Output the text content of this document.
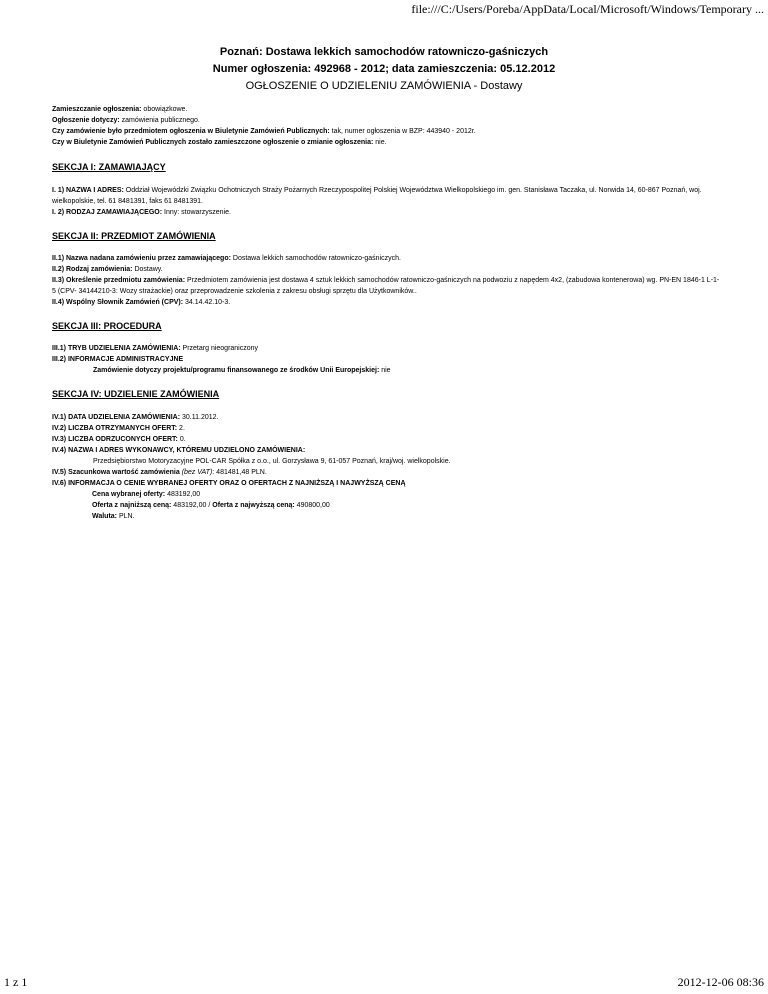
file:///C:/Users/Poreba/AppData/Local/Microsoft/Windows/Temporary ...
Poznań: Dostawa lekkich samochodów ratowniczo-gaśniczych
Numer ogłoszenia: 492968 - 2012; data zamieszczenia: 05.12.2012
OGŁOSZENIE O UDZIELENIU ZAMÓWIENIA - Dostawy

Zamieszczanie ogłoszenia: obowiązkowe.

Ogłoszenie dotyczy: zamówienia publicznego.

Czy zamówienie było przedmiotem ogłoszenia w Biuletynie Zamówień Publicznych: tak, numer ogłoszenia w BZP: 443940 - 2012r.

Czy w Biuletynie Zamówień Publicznych zostało zamieszczone ogłoszenie o zmianie ogłoszenia: nie.

SEKCJA I: ZAMAWIAJĄCY

I. 1) NAZWA I ADRES: Oddział Wojewódzki Związku Ochotniczych Straży Pożarnych Rzeczypospolitej Polskiej Województwa Wielkopolskiego im. gen. Stanisława Taczaka, ul. Norwida 14, 60-867 Poznań, woj. wielkopolskie, tel. 61 8481391, faks 61 8481391.

I. 2) RODZAJ ZAMAWIAJĄCEGO: Inny: stowarzyszenie.

SEKCJA II: PRZEDMIOT ZAMÓWIENIA

II.1) Nazwa nadana zamówieniu przez zamawiającego: Dostawa lekkich samochodów ratowniczo-gaśniczych.

II.2) Rodzaj zamówienia: Dostawy.

II.3) Określenie przedmiotu zamówienia: Przedmiotem zamówienia jest dostawa 4 sztuk lekkich samochodów ratowniczo-gaśniczych na podwoziu z napędem 4x2, (zabudowa kontenerowa) wg. PN-EN 1846-1 L-1-5 (CPV- 34144210-3: Wozy strażackie) oraz przeprowadzenie szkolenia z zakresu obsługi sprzętu dla Użytkowników..

II.4) Wspólny Słownik Zamówień (CPV): 34.14.42.10-3.

SEKCJA III: PROCEDURA

III.1) TRYB UDZIELENIA ZAMÓWIENIA: Przetarg nieograniczony

III.2) INFORMACJE ADMINISTRACYJNE

Zamówienie dotyczy projektu/programu finansowanego ze środków Unii Europejskiej: nie

SEKCJA IV: UDZIELENIE ZAMÓWIENIA

IV.1) DATA UDZIELENIA ZAMÓWIENIA: 30.11.2012.

IV.2) LICZBA OTRZYMANYCH OFERT: 2.

IV.3) LICZBA ODRZUCONYCH OFERT: 0.

IV.4) NAZWA I ADRES WYKONAWCY, KTÓREMU UDZIELONO ZAMÓWIENIA:

Przedsiębiorstwo Motoryzacyjne POL-CAR Spółka z o.o., ul. Gorzysława 9, 61-057 Poznań, kraj/woj. wielkopolskie.

IV.5) Szacunkowa wartość zamówienia (bez VAT): 481481,48 PLN.

IV.6) INFORMACJA O CENIE WYBRANEJ OFERTY ORAZ O OFERTACH Z NAJNIŻSZĄ I NAJWYŻSZĄ CENĄ

Cena wybranej oferty: 483192,00

Oferta z najniższą ceną: 483192,00 / Oferta z najwyższą ceną: 490800,00

Waluta: PLN.

1 z 1	2012-12-06 08:36
